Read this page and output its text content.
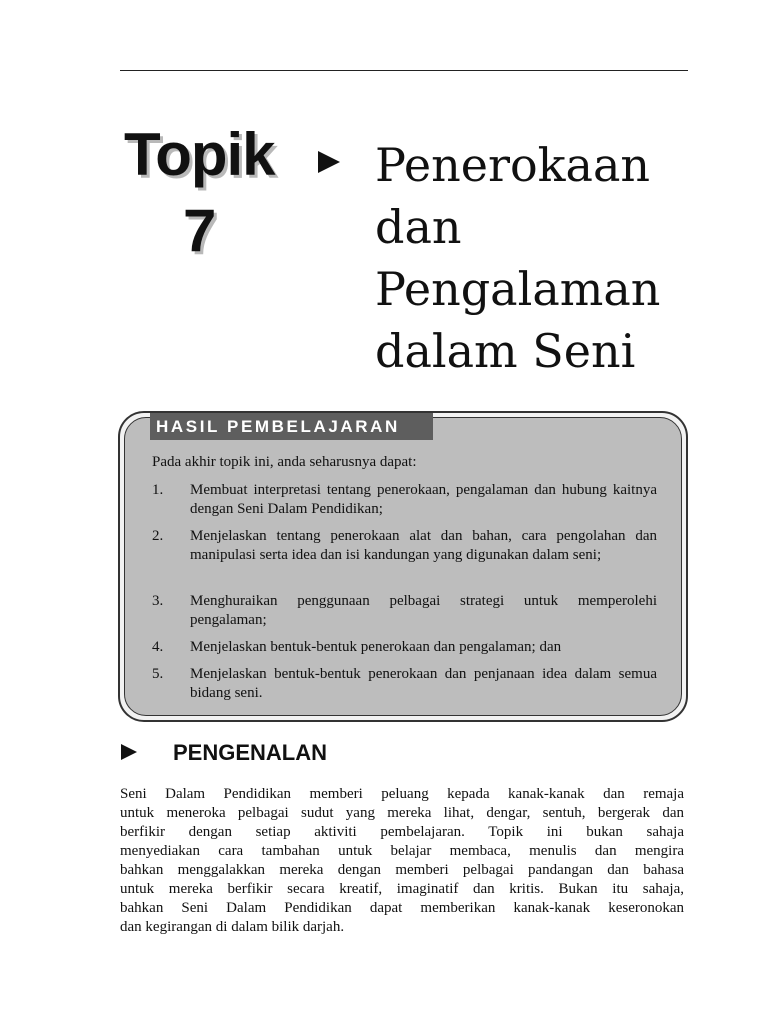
Topik
7
Penerokaan
dan
Pengalaman
dalam Seni
HASIL PEMBELAJARAN
Pada akhir topik ini, anda seharusnya dapat:
1. Membuat interpretasi tentang penerokaan, pengalaman dan hubung kaitnya dengan Seni Dalam Pendidikan;
2. Menjelaskan tentang penerokaan alat dan bahan, cara pengolahan dan manipulasi serta idea dan isi kandungan yang digunakan dalam seni;
3. Menghuraikan penggunaan pelbagai strategi untuk memperolehi pengalaman;
4. Menjelaskan bentuk-bentuk penerokaan dan pengalaman; dan
5. Menjelaskan bentuk-bentuk penerokaan dan penjanaan idea dalam semua bidang seni.
PENGENALAN
Seni Dalam Pendidikan memberi peluang kepada kanak-kanak dan remaja
untuk meneroka pelbagai sudut yang mereka lihat, dengar, sentuh, bergerak dan
berfikir dengan setiap aktiviti pembelajaran. Topik ini bukan sahaja
menyediakan cara tambahan untuk belajar membaca, menulis dan mengira
bahkan menggalakkan mereka dengan memberi pelbagai pandangan dan bahasa
untuk mereka berfikir secara kreatif, imaginatif dan kritis. Bukan itu sahaja,
bahkan Seni Dalam Pendidikan dapat memberikan kanak-kanak keseronokan
dan kegirangan di dalam bilik darjah.
